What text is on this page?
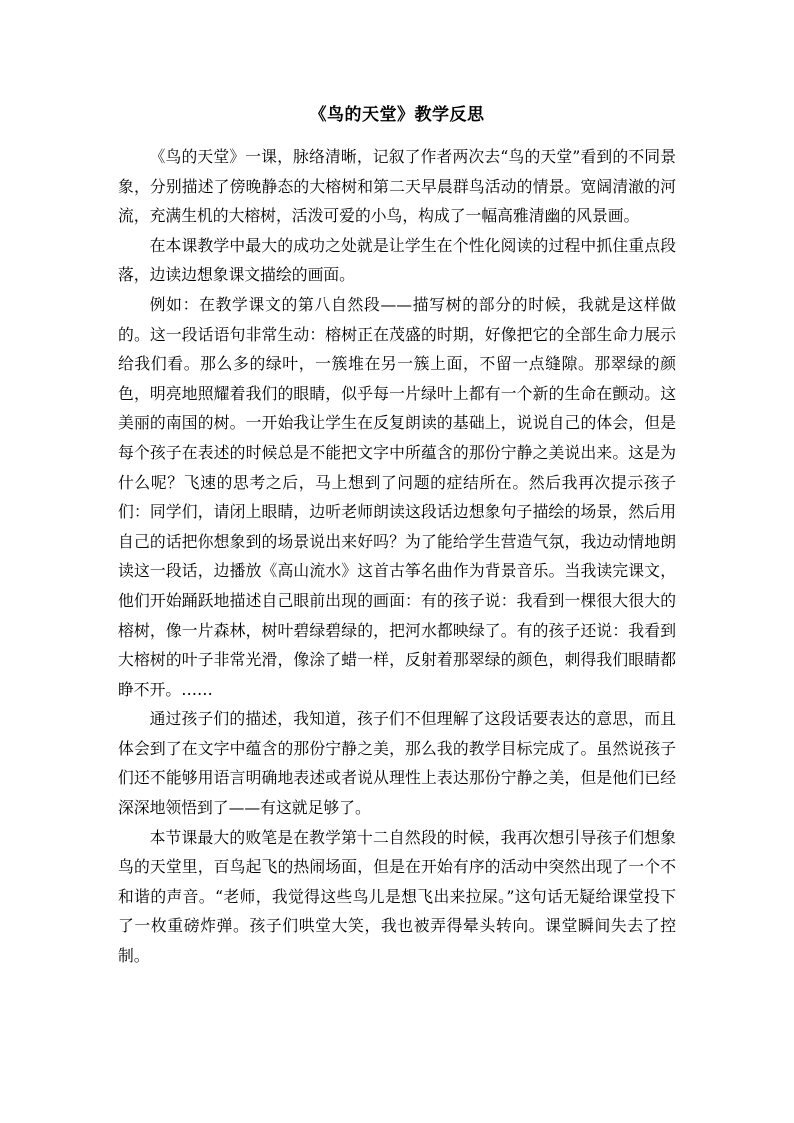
《鸟的天堂》教学反思

《鸟的天堂》一课，脉络清晰，记叙了作者两次去“鸟的天堂”看到的不同景象，分别描述了傍晚静态的大榕树和第二天早晨群鸟活动的情景。宽阔清澈的河流，充满生机的大榕树，活泼可爱的小鸟，构成了一幅高雅清幽的风景画。

在本课教学中最大的成功之处就是让学生在个性化阅读的过程中抓住重点段落，边读边想象课文描绘的画面。

例如：在教学课文的第八自然段——描写树的部分的时候，我就是这样做的。这一段话语句非常生动：榕树正在茂盛的时期，好像把它的全部生命力展示给我们看。那么多的绿叶，一簇堆在另一簇上面，不留一点缝隙。那翠绿的颜色，明亮地照耀着我们的眼睛，似乎每一片绿叶上都有一个新的生命在颤动。这美丽的南国的树。一开始我让学生在反复朗读的基础上，说说自己的体会，但是每个孩子在表述的时候总是不能把文字中所蕴含的那份宁静之美说出来。这是为什么呢？飞速的思考之后，马上想到了问题的症结所在。然后我再次提示孩子们：同学们，请闭上眼睛，边听老师朗读这段话边想象句子描绘的场景，然后用自己的话把你想象到的场景说出来好吗？为了能给学生营造气氛，我边动情地朗读这一段话，边播放《高山流水》这首古筝名曲作为背景音乐。当我读完课文，他们开始踊跃地描述自己眼前出现的画面：有的孩子说：我看到一棵很大很大的榕树，像一片森林，树叶碧绿碧绿的，把河水都映绿了。有的孩子还说：我看到大榕树的叶子非常光滑，像涂了蜡一样，反射着那翠绿的颜色，刺得我们眼睛都睁不开。……

通过孩子们的描述，我知道，孩子们不但理解了这段话要表达的意思，而且体会到了在文字中蕴含的那份宁静之美，那么我的教学目标完成了。虽然说孩子们还不能够用语言明确地表述或者说从理性上表达那份宁静之美，但是他们已经深深地领悟到了——有这就足够了。

本节课最大的败笔是在教学第十二自然段的时候，我再次想引导孩子们想象鸟的天堂里，百鸟起飞的热闹场面，但是在开始有序的活动中突然出现了一个不和谐的声音。“老师，我觉得这些鸟儿是想飞出来拉屎。”这句话无疑给课堂投下了一枚重磅炸弹。孩子们哄堂大笑，我也被弄得晕头转向。课堂瞬间失去了控制。
